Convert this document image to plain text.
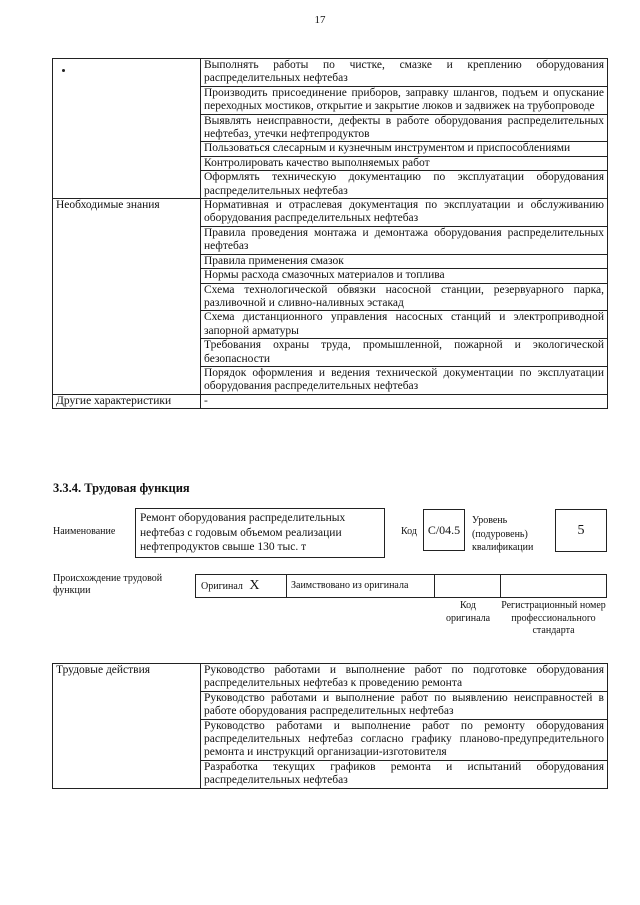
17
	Выполнять работы по чистке, смазке и креплению оборудования распределительных нефтебаз
	Производить присоединение приборов, заправку шлангов, подъем и опускание переходных мостиков, открытие и закрытие люков и задвижек на трубопроводе
	Выявлять неисправности, дефекты в работе оборудования распределительных нефтебаз, утечки нефтепродуктов
	Пользоваться слесарным и кузнечным инструментом и приспособлениями
	Контролировать качество выполняемых работ
	Оформлять техническую документацию по эксплуатации оборудования распределительных нефтебаз
Необходимые знания	Нормативная и отраслевая документация по эксплуатации и обслуживанию оборудования распределительных нефтебаз
	Правила проведения монтажа и демонтажа оборудования распределительных нефтебаз
	Правила применения смазок
	Нормы расхода смазочных материалов и топлива
	Схема технологической обвязки насосной станции, резервуарного парка, разливочной и сливно-наливных эстакад
	Схема дистанционного управления насосных станций и электроприводной запорной арматуры
	Требования охраны труда, промышленной, пожарной и экологической безопасности
	Порядок оформления и ведения технической документации по эксплуатации оборудования распределительных нефтебаз
Другие характеристики	-
3.3.4. Трудовая функция
Наименование
Ремонт оборудования распределительных нефтебаз с годовым объемом реализации нефтепродуктов свыше 130 тыс. т
Код С/04.5
Уровень (подуровень) квалификации
5
Происхождение трудовой функции	Оригинал X	Заимствовано из оригинала
Код оригинала
Регистрационный номер профессионального стандарта
Трудовые действия	Руководство работами и выполнение работ по подготовке оборудования распределительных нефтебаз к проведению ремонта
Руководство работами и выполнение работ по выявлению неисправностей в работе оборудования распределительных нефтебаз
Руководство работами и выполнение работ по ремонту оборудования распределительных нефтебаз согласно графику планово-предупредительного ремонта и инструкций организации-изготовителя
Разработка текущих графиков ремонта и испытаний оборудования распределительных нефтебаз
